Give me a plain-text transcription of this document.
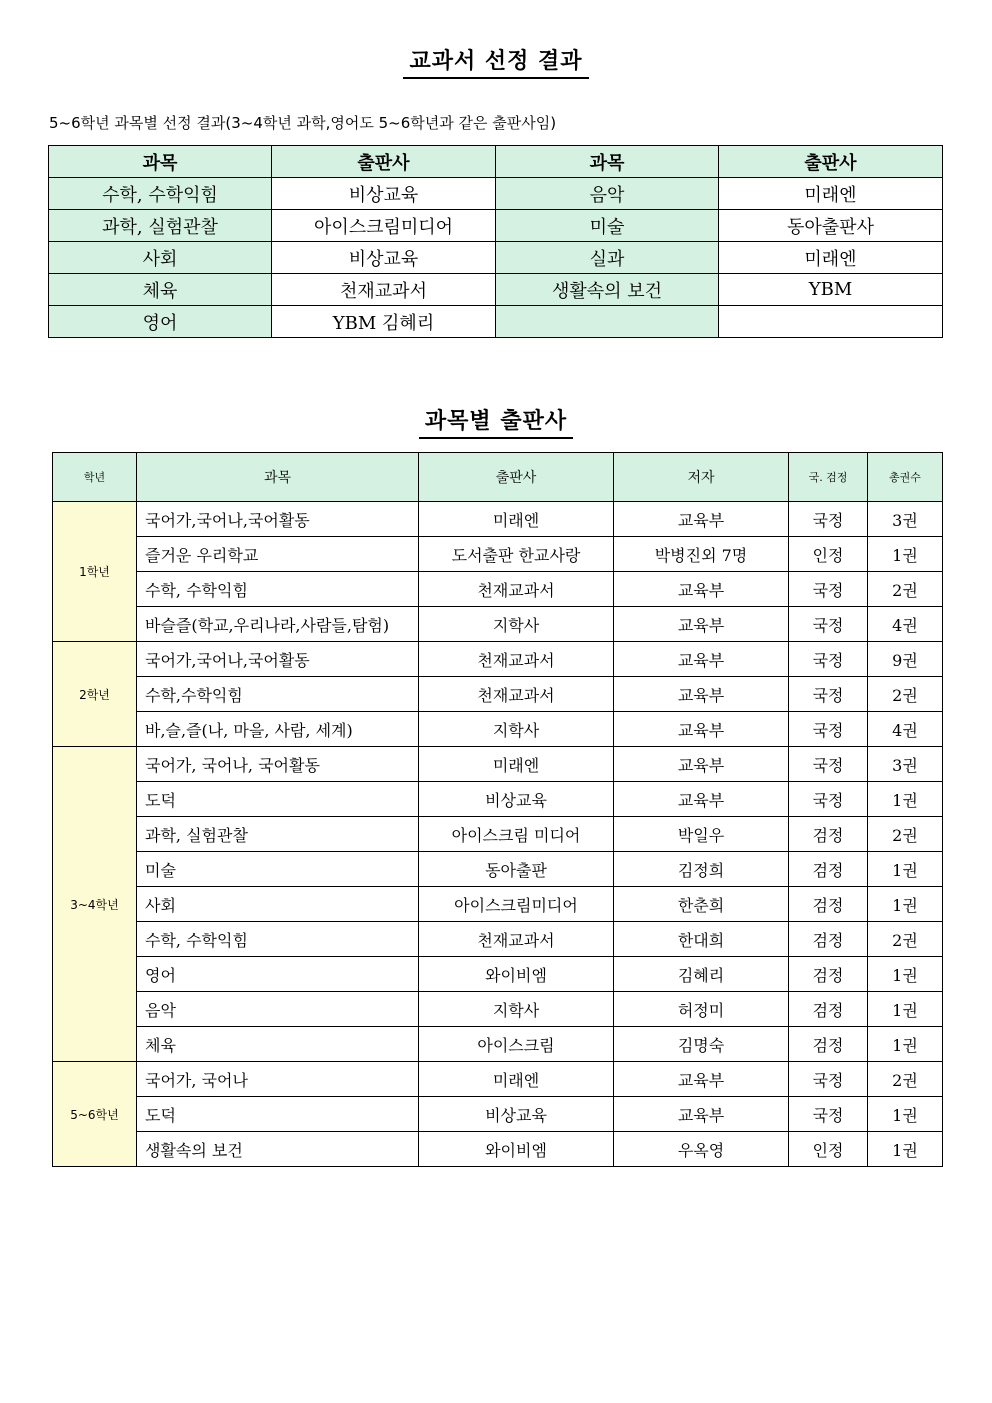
교과서 선정 결과
5~6학년 과목별 선정 결과(3~4학년 과학,영어도 5~6학년과 같은 출판사임)
과목	출판사	과목	출판사
수학, 수학익힘	비상교육	음악	미래엔
과학, 실험관찰	아이스크림미디어	미술	동아출판사
사회	비상교육	실과	미래엔
체육	천재교과서	생활속의 보건	YBM
영어	YBM 김혜리		
과목별 출판사
학년	과목	출판사	저자	국. 검정	총권수
1학년	국어가,국어나,국어활동	미래엔	교육부	국정	3권
	즐거운 우리학교	도서출판 한교사랑	박병진외 7명	인정	1권
	수학, 수학익힘	천재교과서	교육부	국정	2권
	바슬즐(학교,우리나라,사람들,탐험)	지학사	교육부	국정	4권
2학년	국어가,국어나,국어활동	천재교과서	교육부	국정	9권
	수학,수학익힘	천재교과서	교육부	국정	2권
	바,슬,즐(나, 마을, 사람, 세계)	지학사	교육부	국정	4권
3~4학년	국어가, 국어나, 국어활동	미래엔	교육부	국정	3권
	도덕	비상교육	교육부	국정	1권
	과학, 실험관찰	아이스크림 미디어	박일우	검정	2권
	미술	동아출판	김정희	검정	1권
	사회	아이스크림미디어	한춘희	검정	1권
	수학, 수학익힘	천재교과서	한대희	검정	2권
	영어	와이비엠	김혜리	검정	1권
	음악	지학사	허정미	검정	1권
	체육	아이스크림	김명숙	검정	1권
5~6학년	국어가, 국어나	미래엔	교육부	국정	2권
	도덕	비상교육	교육부	국정	1권
	생활속의 보건	와이비엠	우옥영	인정	1권
